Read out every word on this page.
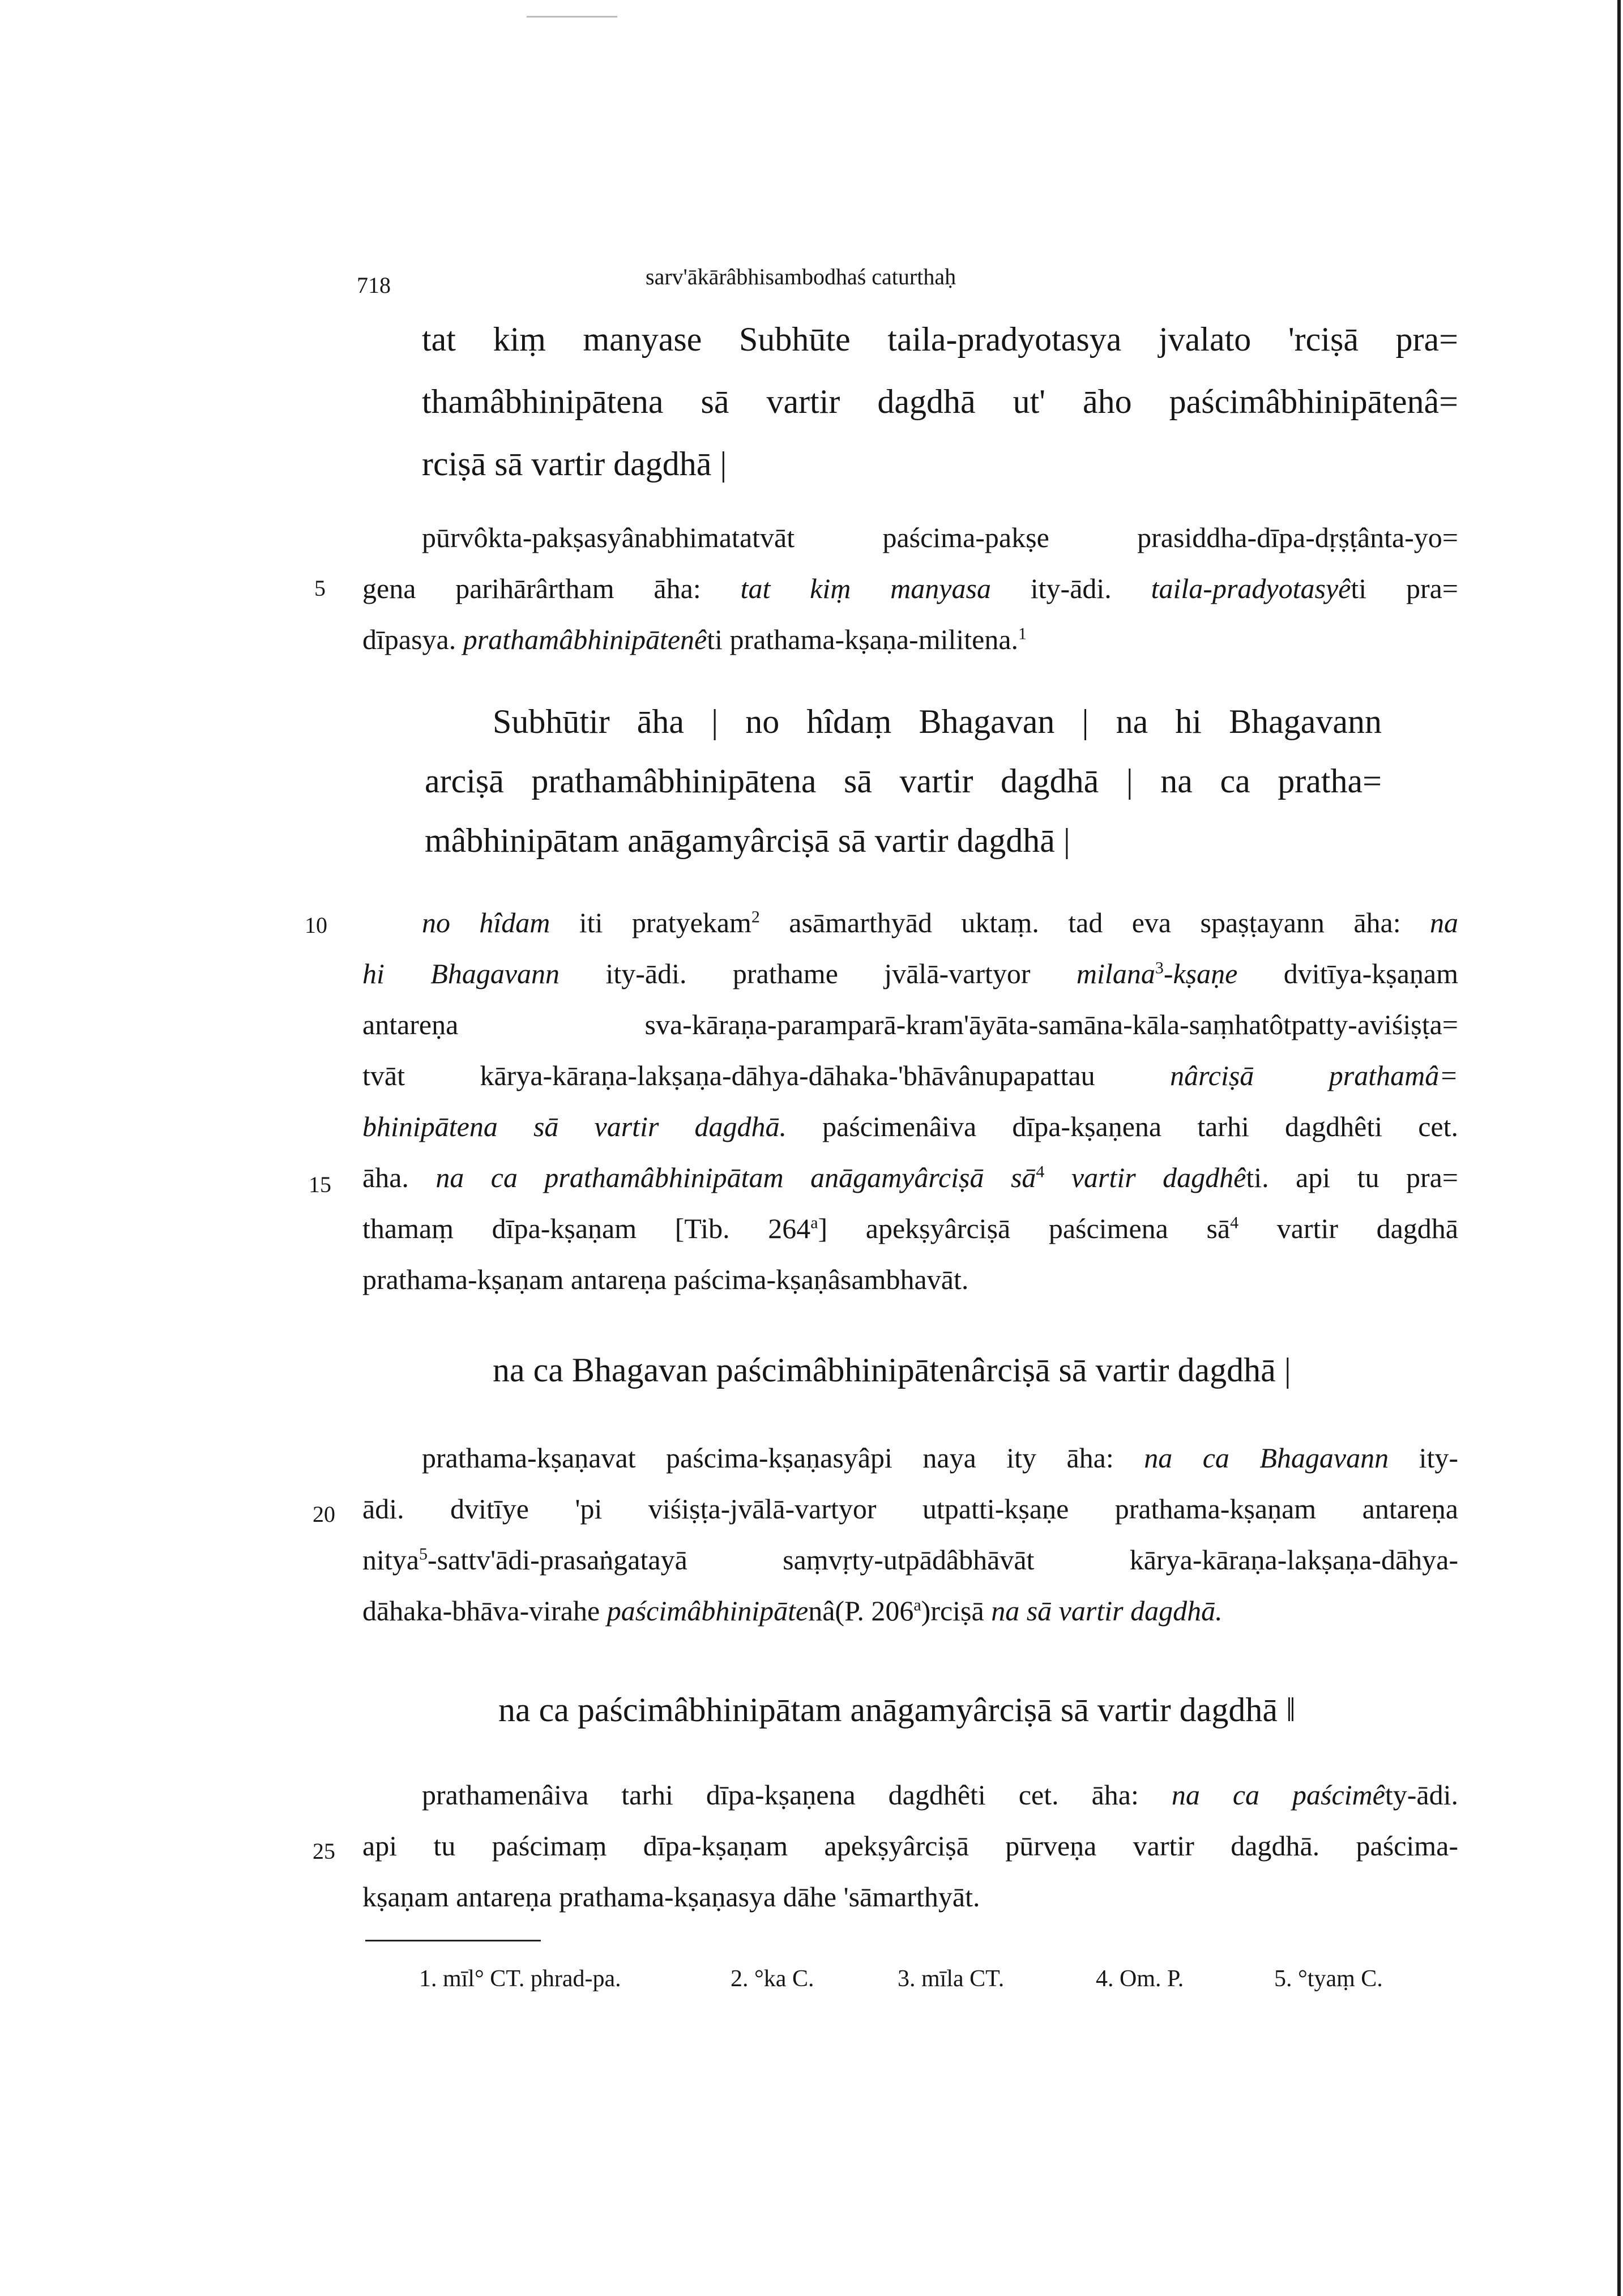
718	sarv'ākārâbhisambodhaś caturthaḥ
tat kiṃ manyase Subhūte taila-pradyotasya jvalato 'rciṣā pra=
thamâbhinipātena sā vartir dagdhā ut' āho paścimâbhinipātenâ=
rciṣā sā vartir dagdhā |
pūrvôkta-pakṣasyânabhimatatvāt paścima-pakṣe prasiddha-dīpa-dṛṣṭânta-yo=
gena parihārârtham āha: tat kiṃ manyasa ity-ādi. taila-pradyotasyêti pra=
dīpasya. prathamâbhinipātenêti prathama-kṣaṇa-militena.$^1$
Subhūtir āha | no hîdaṃ Bhagavan | na hi Bhagavann
arciṣā prathamâbhinipātena sā vartir dagdhā | na ca pratha=
mâbhinipātam anāgamyârciṣā sā vartir dagdhā |
no hîdam iti pratyekam$^2$ asāmarthyād uktaṃ. tad eva spaṣṭayann āha: na
hi Bhagavann ity-ādi. prathame jvālā-vartyor milana$^3$-kṣaṇe dvitīya-kṣaṇam
antareṇa sva-kāraṇa-paramparā-kram'āyāta-samāna-kāla-saṃhatôtpatty-aviśiṣṭa=
tvāt kārya-kāraṇa-lakṣaṇa-dāhya-dāhaka-'bhāvânupapattau nârciṣā prathamâ=
bhinipātena sā vartir dagdhā. paścimenâiva dīpa-kṣaṇena tarhi dagdhêti cet.
āha. na ca prathamâbhinipātam anāgamyârciṣā $sā^4$ vartir dagdhêti. api tu pra=
thamaṃ dīpa-kṣaṇam [Tib. 264$^a$] apekṣyârciṣā paścimena $sā^4$ vartir dagdhā
prathama-kṣaṇam antareṇa paścima-kṣaṇâsambhavāt.
na ca Bhagavan paścimâbhinipātenârciṣā sā vartir dagdhā |
prathama-kṣaṇavat paścima-kṣaṇasyâpi naya ity āha: na ca Bhagavann ity-
ādi. dvitīye 'pi viśiṣṭa-jvālā-vartyor utpatti-kṣaṇe prathama-kṣaṇam antareṇa
nitya$^5$-sattv'ādi-prasaṅgatayā saṃvṛty-utpādâbhāvāt kārya-kāraṇa-lakṣaṇa-dāhya-
dāhaka-bhāva-virahe paścimâbhinipātenâ(P. 206$^a$)rciṣā na sā vartir dagdhā.
na ca paścimâbhinipātam anāgamyârciṣā sā vartir dagdhā ‖
prathamenâiva tarhi dīpa-kṣaṇena dagdhêti cet. āha: na ca paścimêty-ādi.
api tu paścimaṃ dīpa-kṣaṇam apekṣyârciṣā pūrveṇa vartir dagdhā. paścima-
kṣaṇam antareṇa prathama-kṣaṇasya dāhe 'sāmarthyāt.
5
10
15
20
25
1. mīl° CT. phrad-pa.	2. °ka C.	3. mīla CT.	4. Om. P.	5. °tyaṃ C.
